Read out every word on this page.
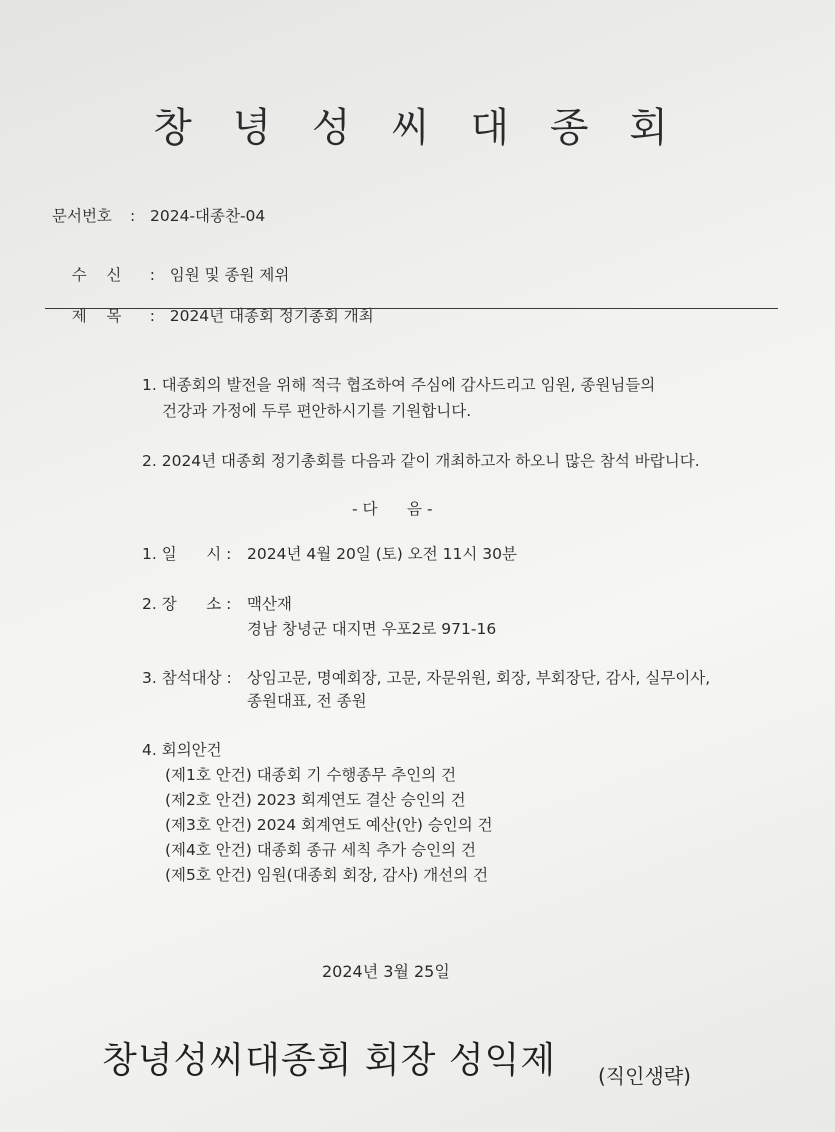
창 녕 성 씨 대 종 회
문서번호 : 2024-대종찬-04

수    신 : 임원 및 종원 제위

제    목 : 2024년 대종회 정기총회 개최

1. 대종회의 발전을 위해 적극 협조하여 주심에 감사드리고 임원, 종원님들의
건강과 가정에 두루 편안하시기를 기원합니다.
2. 2024년 대종회 정기총회를 다음과 같이 개최하고자 하오니 많은 참석 바랍니다.
- 다      음 -
1. 일      시 : 2024년 4월 20일 (토) 오전 11시 30분
2. 장      소 : 맥산재
경남 창녕군 대지면 우포2로 971-16
3. 참석대상 : 상임고문, 명예회장, 고문, 자문위원, 회장, 부회장단, 감사, 실무이사,
종원대표, 전 종원
4. 회의안건
(제1호 안건) 대종회 기 수행종무 추인의 건
(제2호 안건) 2023 회계연도 결산 승인의 건
(제3호 안건) 2024 회계연도 예산(안) 승인의 건
(제4호 안건) 대종회 종규 세칙 추가 승인의 건
(제5호 안건) 임원(대종회 회장, 감사) 개선의 건
2024년 3월 25일
창녕성씨대종회 회장 성익제 (직인생략)
